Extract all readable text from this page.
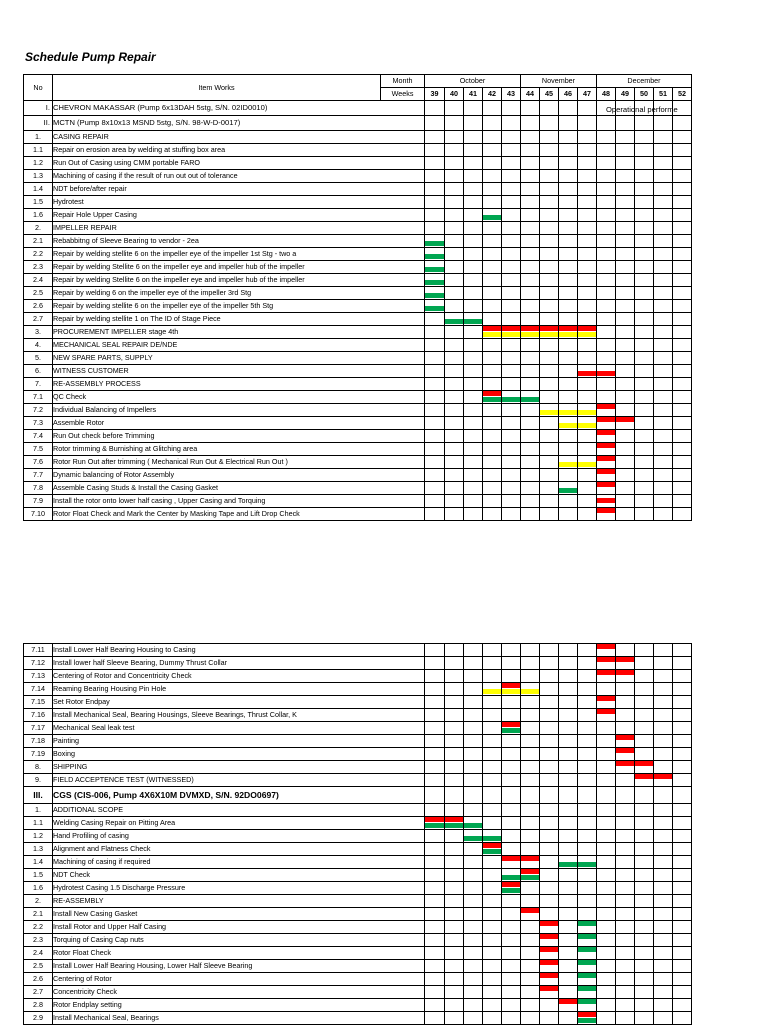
Schedule Pump Repair
No	Item Works	Month	October					November				December				
		Weeks	39	40	41	42	43	44	45	46	47	48	49	50	51	52
I.	CHEVRON MAKASSAR (Pump 6x13DAH 5stg, S/N. 02ID0010)															
II.	MCTN (Pump 8x10x13 MSND 5stg, S/N. 98-W-D-0017)															
1.	CASING REPAIR															
1.1	Repair on erosion area by welding at stuffing box area															
1.2	Run Out of Casing using CMM portable FARO															
1.3	Machining of casing if the result of run out out of tolerance															
1.4	NDT before/after repair															
1.5	Hydrotest															
1.6	Repair Hole Upper Casing					

2.	IMPELLER REPAIR															
2.1	Rebabbitng of Sleeve Bearing to vendor - 2ea		

2.2	Repair by welding stellite 6 on the impeller eye of the impeller 1st Stg - two a		

2.3	Repair by welding Stellite 6 on the impeller eye and impeller hub of the impeller		

2.4	Repair by welding Stellite 6 on the impeller eye and impeller hub of the impeller		

2.5	Repair by welding 6 on the impeller eye of the impeller 3rd Stg		

2.6	Repair by welding stellite 6 on the impeller eye of the impeller 5th Stg		

2.7	Repair by welding stellite 1 on The ID of Stage Piece			

3.	PROCUREMENT IMPELLER stage 4th					

4.	MECHANICAL SEAL REPAIR DE/NDE															
5.	NEW SPARE PARTS, SUPPLY															
6.	WITNESS CUSTOMER										

7.	RE-ASSEMBLY PROCESS															
7.1	QC Check					

7.2	Individual Balancing of Impellers								

7.3	Assemble Rotor									

7.4	Run Out check before Trimming											

7.5	Rotor trimming & Burnishing at Glitching area											

7.6	Rotor Run Out after trimming ( Mechanical Run Out & Electrical Run Out )									

7.7	Dynamic balancing of Rotor Assembly											

7.8	Assemble Casing Studs & Install the Casing Gasket									

7.9	Install the rotor onto lower half casing , Upper Casing and Torquing											

7.10	Rotor Float Check and Mark the Center by Masking Tape and Lift Drop Check											

Operational performe
7.11	Install Lower Half Bearing Housing to Casing										

7.12	Install lower half Sleeve Bearing, Dummy Thrust Collar										

7.13	Centering of Rotor and Concentricity Check										

7.14	Reaming Bearing Housing Pin Hole				

7.15	Set Rotor Endpay										

7.16	Install Mechanical Seal, Bearing Housings, Sleeve Bearings, Thrust Collar, K										

7.17	Mechanical Seal leak test					

7.18	Painting											

7.19	Boxing											

8.	SHIPPING											

9.	FIELD ACCEPTENCE TEST (WITNESSED)												

III.	CGS (CIS-006, Pump 4X6X10M DVMXD, S/N. 92DO0697)														
1.	ADDITIONAL SCOPE														
1.1	Welding Casing Repair on Pitting Area	

1.2	Hand Profiling of casing			

1.3	Alignment and Flatness Check				

1.4	Machining of casing if required					

1.5	NDT Check					

1.6	Hydrotest Casing 1.5 Discharge Pressure					

2.	RE-ASSEMBLY														
2.1	Install New Casing Gasket						

2.2	Install Rotor and Upper Half Casing							

2.3	Torquing of Casing Cap nuts							

2.4	Rotor Float Check							

2.5	Install Lower Half Bearing Housing, Lower Half Sleeve Bearing							

2.6	Centering of Rotor							

2.7	Concentricity Check							

2.8	Rotor Endplay setting								

2.9	Install Mechanical Seal, Bearings									
